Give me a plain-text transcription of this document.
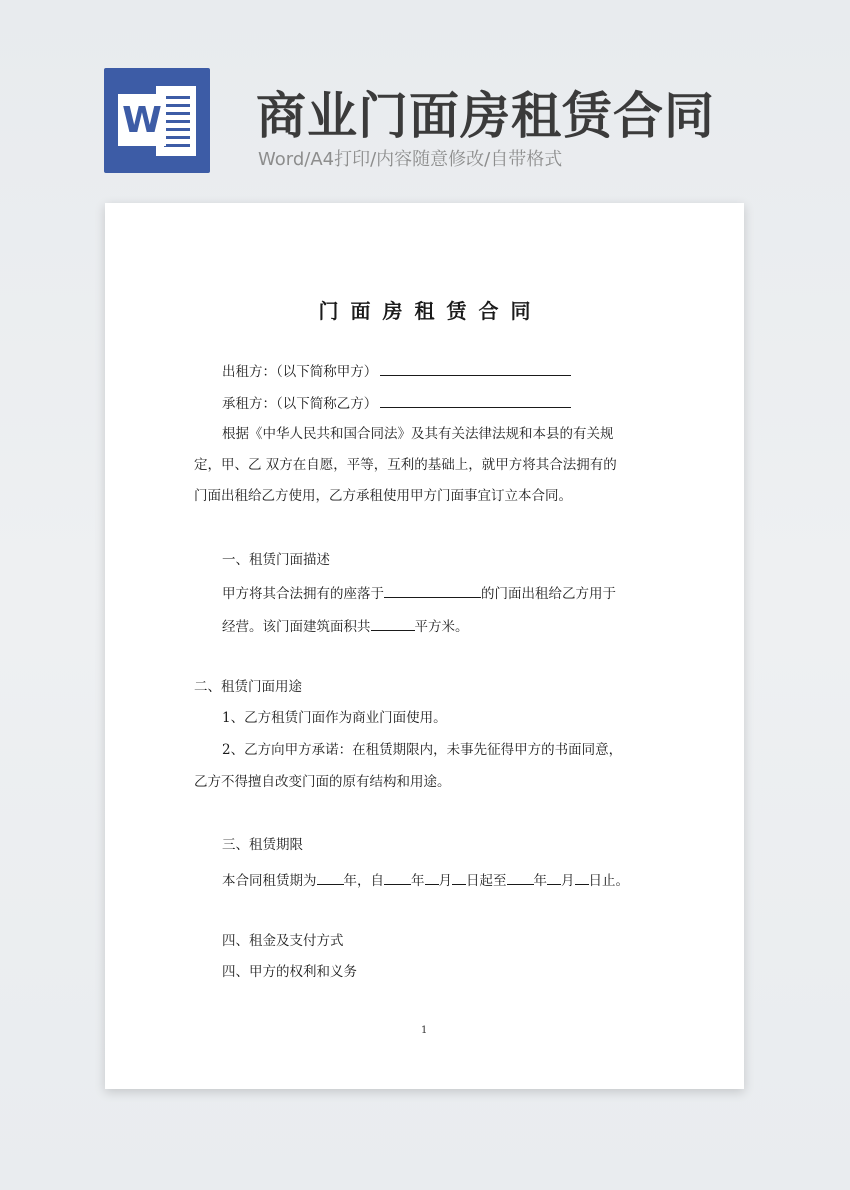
W 商业门面房租赁合同
Word/A4打印/内容随意修改/自带格式
门面房租赁合同
出租方：（以下简称甲方）
承租方：（以下简称乙方）
根据《中华人民共和国合同法》及其有关法律法规和本县的有关规
定，甲、乙 双方在自愿，平等，互利的基础上，就甲方将其合法拥有的
门面出租给乙方使用，乙方承租使用甲方门面事宜订立本合同。
一、租赁门面描述
甲方将其合法拥有的座落于	的门面出租给乙方用于
经营。该门面建筑面积共	平方米。
二、租赁门面用途
1、乙方租赁门面作为商业门面使用。
2、乙方向甲方承诺：在租赁期限内，未事先征得甲方的书面同意，
乙方不得擅自改变门面的原有结构和用途。
三、租赁期限
本合同租赁期为 年，自 年 月 日起至 年 月 日止。
四、租金及支付方式
四、甲方的权利和义务
1
